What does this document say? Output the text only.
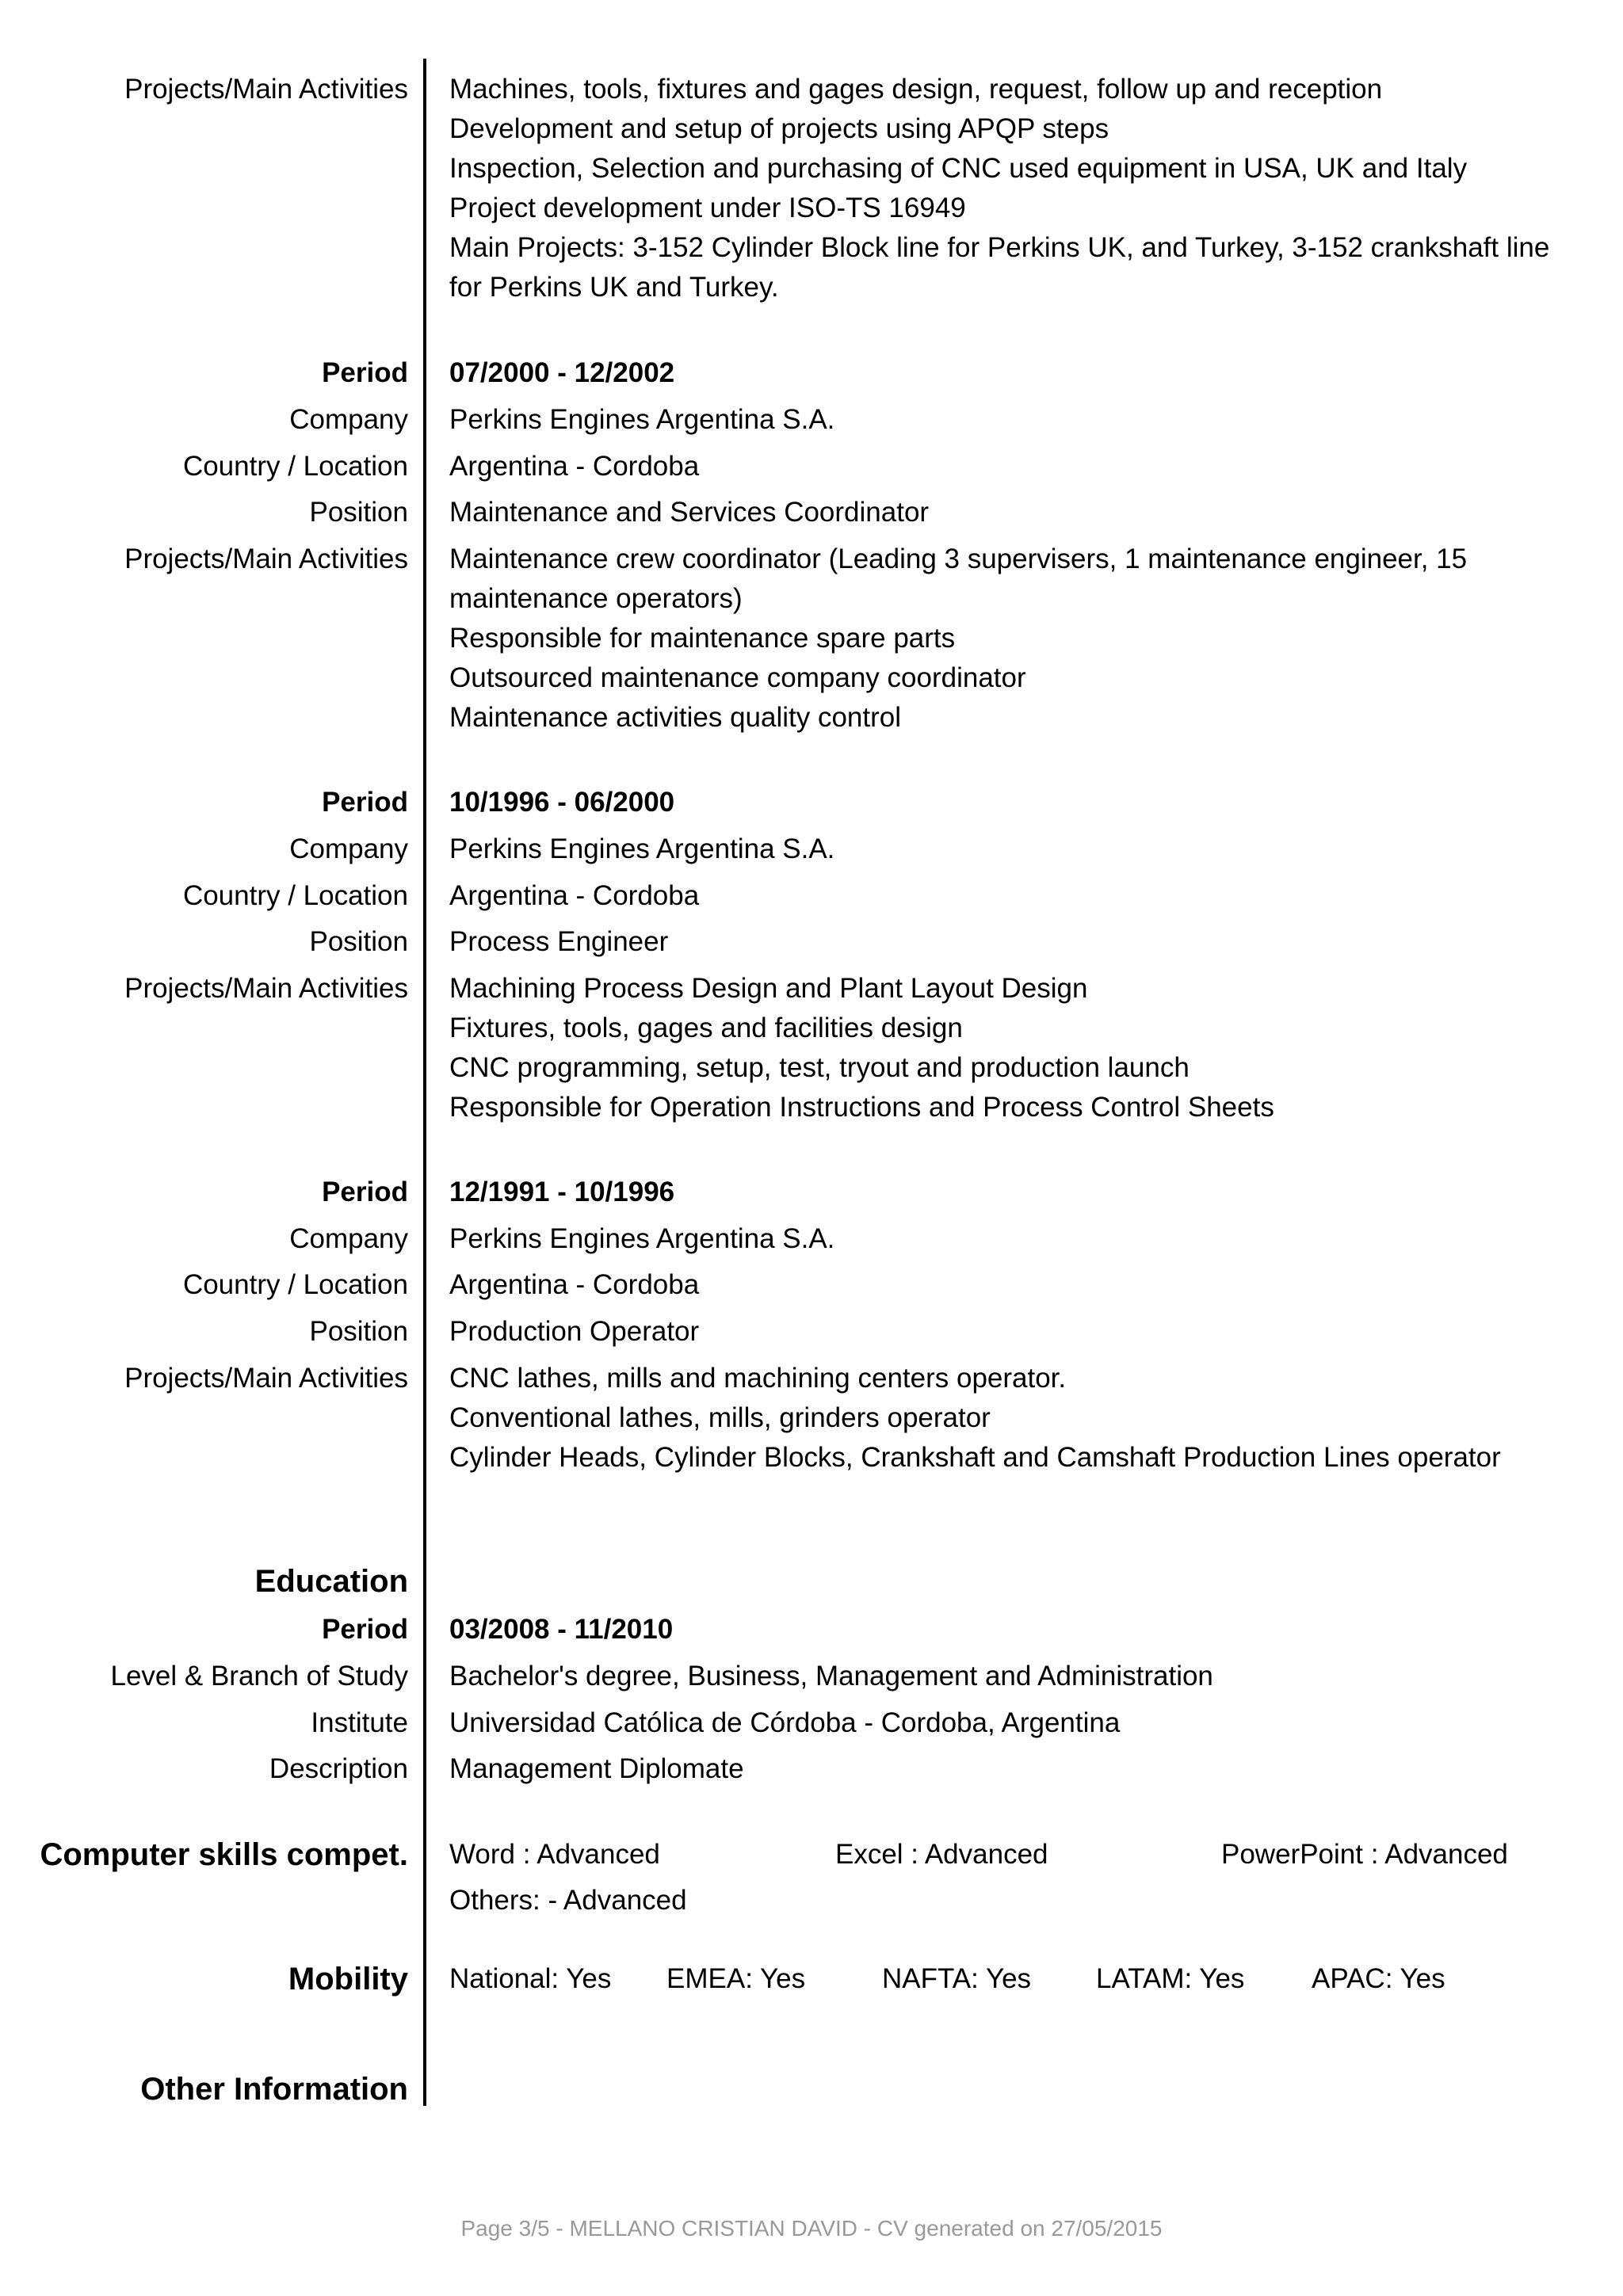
Projects/Main Activities Machines, tools, fixtures and gages design, request, follow up and reception
Development and setup of projects using APQP steps
Inspection, Selection and purchasing of CNC used equipment in USA, UK and Italy
Project development under ISO-TS 16949
Main Projects: 3-152 Cylinder Block line for Perkins UK, and Turkey, 3-152 crankshaft line for Perkins UK and Turkey.
Period 07/2000 - 12/2002
Company Perkins Engines Argentina S.A.
Country / Location Argentina - Cordoba
Position Maintenance and Services Coordinator
Projects/Main Activities Maintenance crew coordinator (Leading 3 supervisers, 1 maintenance engineer, 15 maintenance operators)
Responsible for maintenance spare parts
Outsourced maintenance company coordinator
Maintenance activities quality control
Period 10/1996 - 06/2000
Company Perkins Engines Argentina S.A.
Country / Location Argentina - Cordoba
Position Process Engineer
Projects/Main Activities Machining Process Design and Plant Layout Design
Fixtures, tools, gages and facilities design
CNC programming, setup, test, tryout and production launch
Responsible for Operation Instructions and Process Control Sheets
Period 12/1991 - 10/1996
Company Perkins Engines Argentina S.A.
Country / Location Argentina - Cordoba
Position Production Operator
Projects/Main Activities CNC lathes, mills and machining centers operator.
Conventional lathes, mills, grinders operator
Cylinder Heads, Cylinder Blocks, Crankshaft and Camshaft Production Lines operator
Education
Period 03/2008 - 11/2010
Level & Branch of Study Bachelor's degree, Business, Management and Administration
Institute Universidad Católica de Córdoba - Cordoba, Argentina
Description Management Diplomate
Computer skills compet. Word : Advanced	Excel : Advanced	PowerPoint : Advanced
Others: - Advanced
Mobility National: Yes EMEA: Yes	NAFTA: Yes LATAM: Yes APAC: Yes
Other Information
Page 3/5 - MELLANO CRISTIAN DAVID - CV generated on 27/05/2015
